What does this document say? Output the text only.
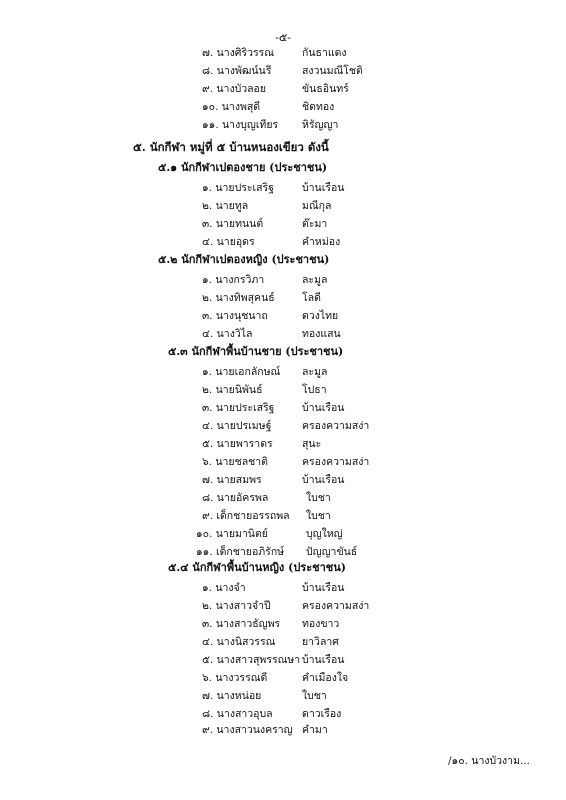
-๕-
๗. นางศิริวรรณ	กันธาแดง
๘. นางพัฒน์นรี	สงวนมณีโชติ
๙. นางบัวลอย	ขันธอินทร์
๑๐. นางพสุดี	ชิดทอง
๑๑. นางบุญเทียร หิรัญญา
๕. นักกีฬา หมู่ที่ ๕ บ้านหนองเขียว ดังนี้
๕.๑ นักกีฬาเปตองชาย (ประชาชน)
๑. นายประเสริฐ	บ้านเรือน
๒. นายทูล	มณีกุล
๓. นายทนนต์	ต๊ะมา
๔. นายอุดร	คำหม่อง
๕.๒ นักกีฬาเปตองหญิง (ประชาชน)
๑. นางกรวิภา	ละมูล
๒. นางทิพสุคนธ์	โลดี
๓. นางนุชนาถ	ดวงไทย
๔. นางวิไล	ทองแสน
๕.๓ นักกีฬาพื้นบ้านชาย (ประชาชน)
๑. นายเอกลักษณ์ ละมูล
๒. นายนิพันธ์	โปธา
๓. นายประเสริฐ	บ้านเรือน
๔. นายปรเมษฐ์	ครองความสง่า
๕. นายพาราดร	สุนะ
๖. นายชลชาติ	ครองความสง่า
๗. นายสมพร	บ้านเรือน
๘. นายอัครพล	ใบชา
๙. เด็กชายอรรถพล ใบชา
๑๐. นายมานิตย์	บุญใหญ่
๑๑. เด็กชายอภิรักษ์ ปัญญาขันธ์
๕.๔ นักกีฬาพื้นบ้านหญิง (ประชาชน)
๑. นางจำ	บ้านเรือน
๒. นางสาวจำปี	ครองความสง่า
๓. นางสาวธัญพร ทองขาว
๔. นางนิสวรรณ	ยาวิลาศ
๕. นางสาวสุพรรณษา บ้านเรือน
๖. นางวรรณดี	คำเมืองใจ
๗. นางหน่อย	ใบชา
๘. นางสาวอุบล	ดาวเรือง
๙. นางสาวนงคราญ คำมา
/๑๐. นางบัวงาม...
